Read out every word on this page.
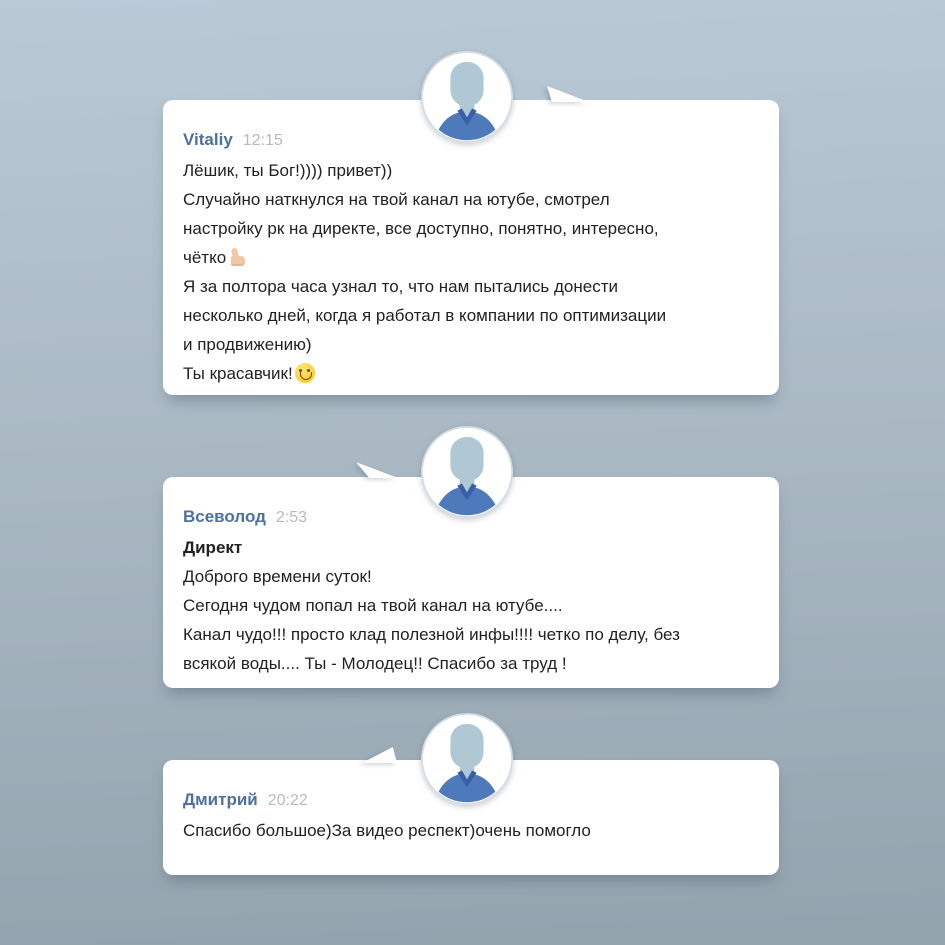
Vitaliy 12:15
Лёшик, ты Бог!)))) привет))
Случайно наткнулся на твой канал на ютубе, смотрел
настройку рк на директе, все доступно, понятно, интересно,
чётко
Я за полтора часа узнал то, что нам пытались донести
несколько дней, когда я работал в компании по оптимизации
и продвижению)
Ты красавчик!
Всеволод 2:53
Директ
Доброго времени суток!
Сегодня чудом попал на твой канал на ютубе....
Канал чудо!!! просто клад полезной инфы!!!! четко по делу, без
всякой воды.... Ты - Молодец!! Спасибо за труд !
Дмитрий 20:22
Спасибо большое)За видео респект)очень помогло
